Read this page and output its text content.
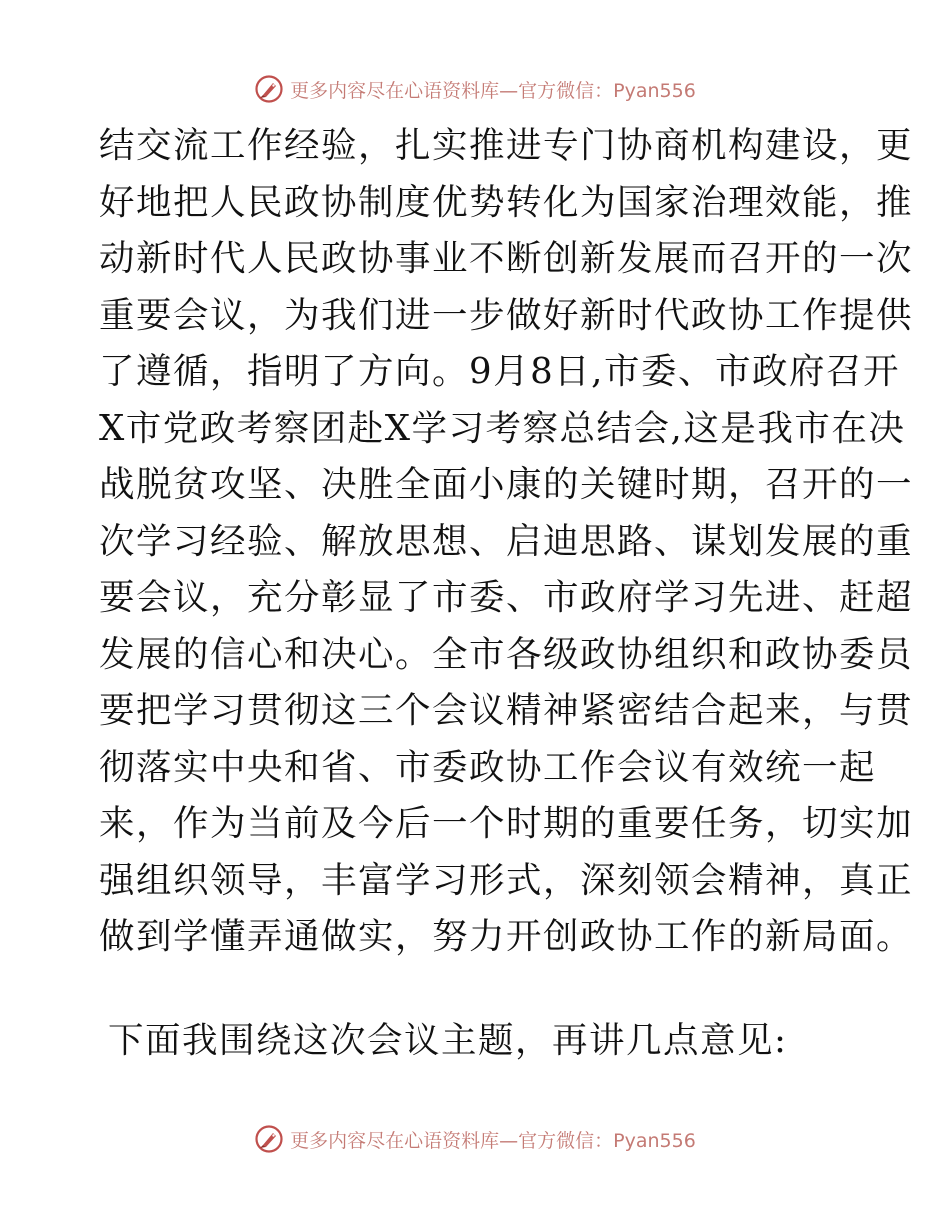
更多内容尽在心语资料库—官方微信：Pyan556
结交流工作经验，扎实推进专门协商机构建设，更
好地把人民政协制度优势转化为国家治理效能，推
动新时代人民政协事业不断创新发展而召开的一次
重要会议，为我们进一步做好新时代政协工作提供
了遵循，指明了方向。9月8日,市委、市政府召开
X市党政考察团赴X学习考察总结会,这是我市在决
战脱贫攻坚、决胜全面小康的关键时期，召开的一
次学习经验、解放思想、启迪思路、谋划发展的重
要会议，充分彰显了市委、市政府学习先进、赶超
发展的信心和决心。全市各级政协组织和政协委员
要把学习贯彻这三个会议精神紧密结合起来，与贯
彻落实中央和省、市委政协工作会议有效统一起
来，作为当前及今后一个时期的重要任务，切实加
强组织领导，丰富学习形式，深刻领会精神，真正
做到学懂弄通做实，努力开创政协工作的新局面。
下面我围绕这次会议主题，再讲几点意见:
更多内容尽在心语资料库—官方微信：Pyan556
